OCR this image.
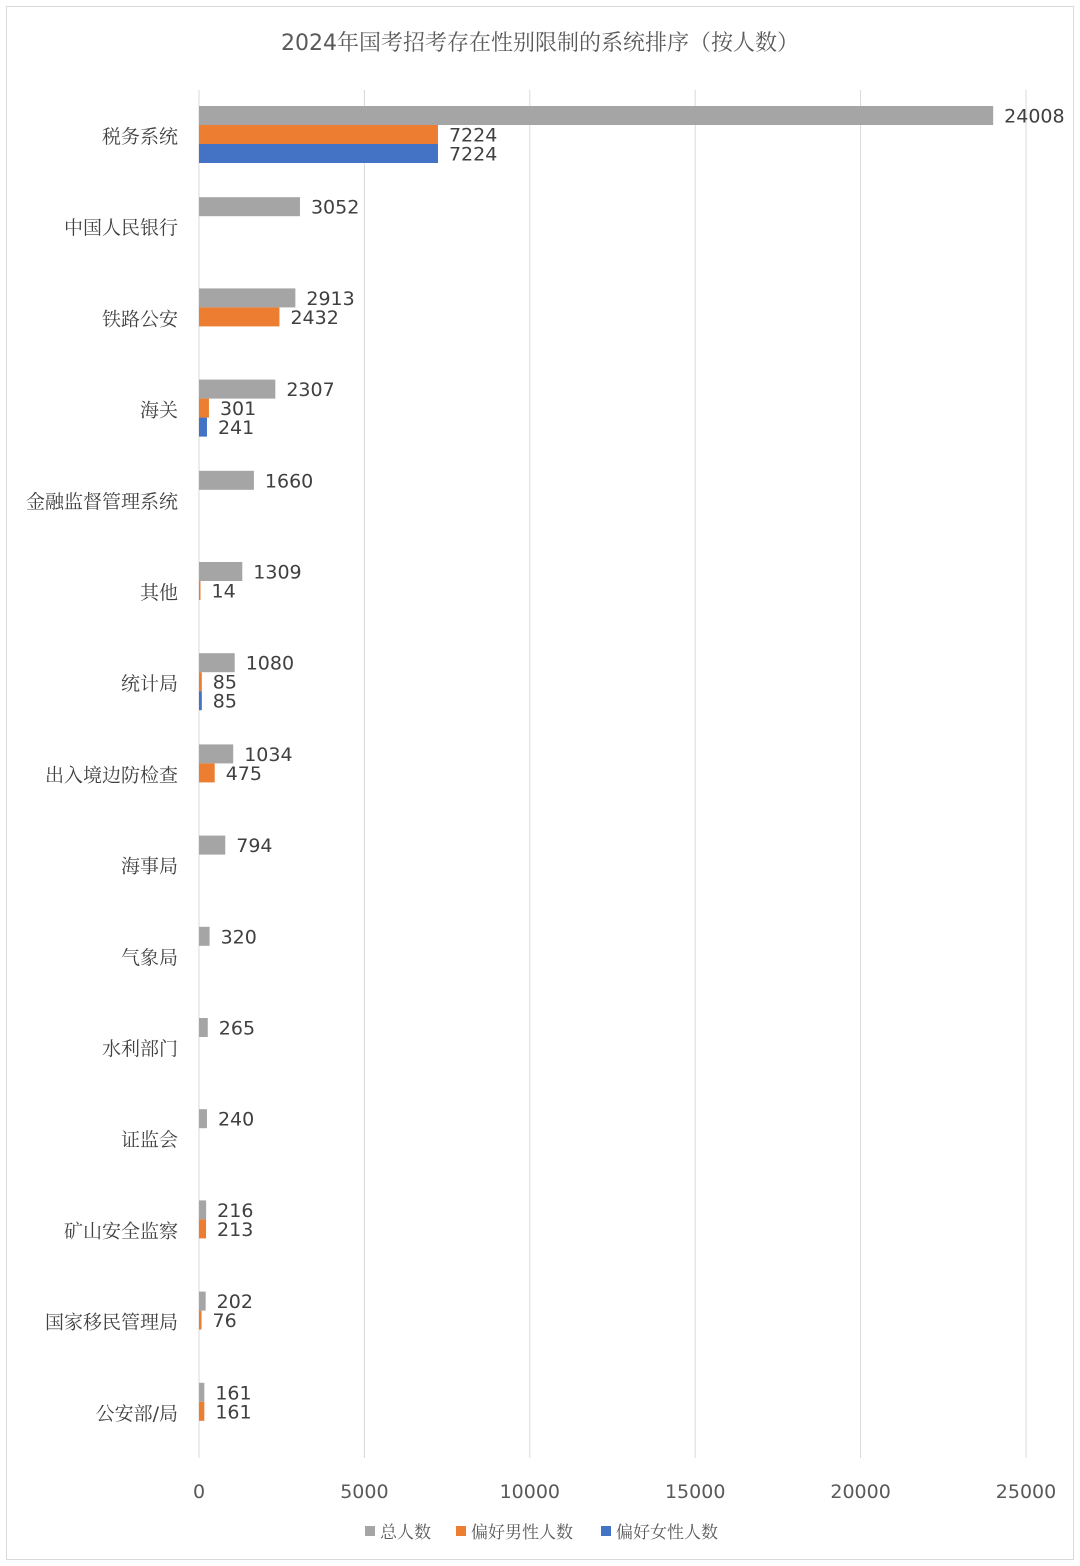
2024年国考招考存在性别限制的系统排序（按人数）
税务系统
中国人民银行
铁路公安
海关
金融监督管理系统
其他
统计局
出入境边防检查
海事局
气象局
水利部门
证监会
矿山安全监察
国家移民管理局
公安部/局
24008
7224
7224
3052
2913
2432
2307
301
241
1660
1309
14
1080
85
85
1034
475
794
320
265
240
216
213
202
76
161
161
0	5000	10000	15000	20000	25000
总人数 偏好男性人数	偏好女性人数
